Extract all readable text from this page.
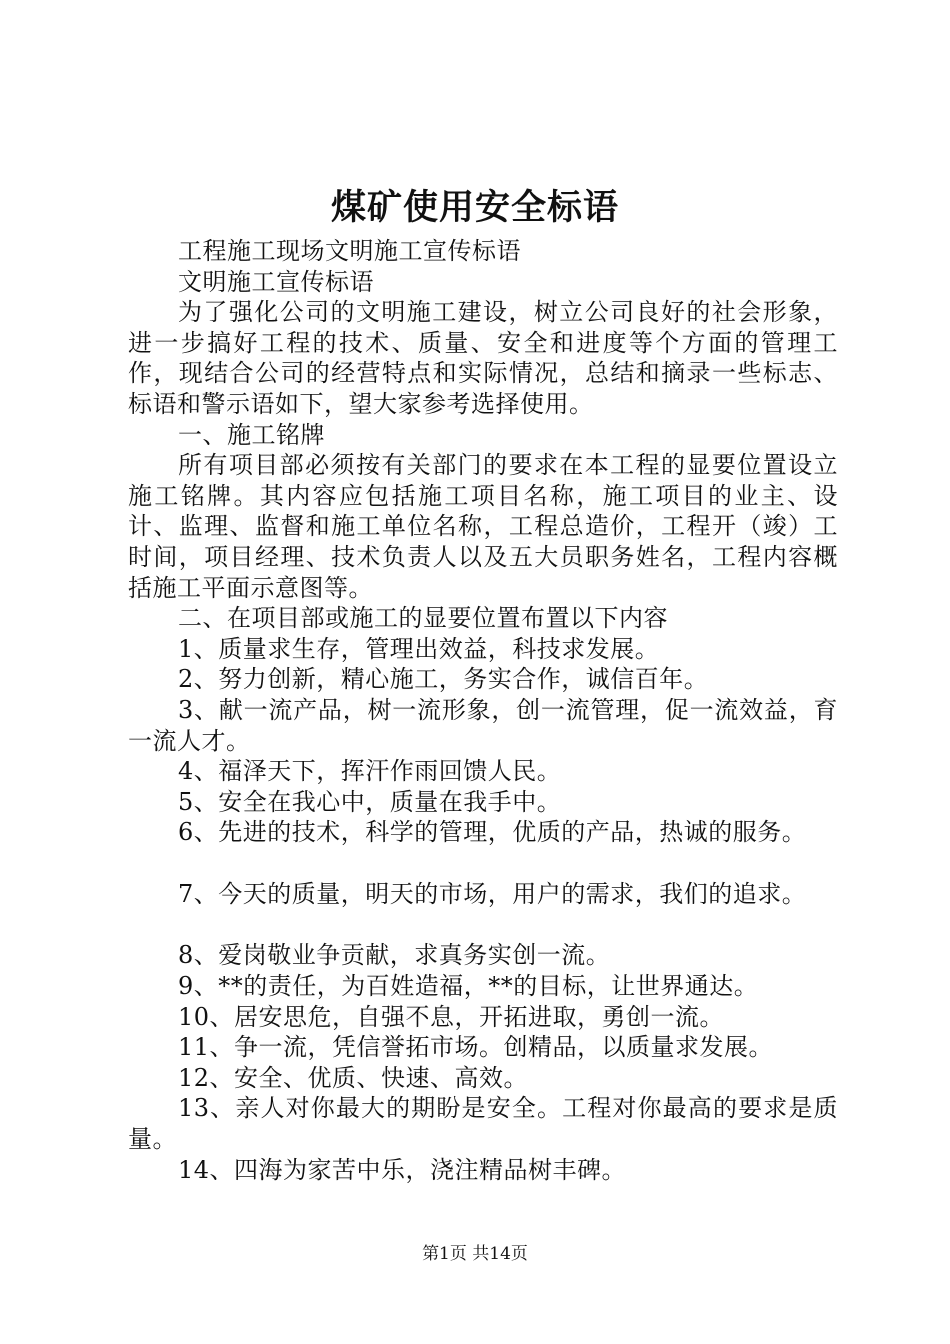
煤矿使用安全标语

工程施工现场文明施工宣传标语

文明施工宣传标语

为了强化公司的文明施工建设，树立公司良好的社会形象，进一步搞好工程的技术、质量、安全和进度等个方面的管理工作，现结合公司的经营特点和实际情况，总结和摘录一些标志、标语和警示语如下，望大家参考选择使用。

一、施工铭牌

所有项目部必须按有关部门的要求在本工程的显要位置设立施工铭牌。其内容应包括施工项目名称，施工项目的业主、设计、监理、监督和施工单位名称，工程总造价，工程开（竣）工时间，项目经理、技术负责人以及五大员职务姓名，工程内容概括施工平面示意图等。

二、在项目部或施工的显要位置布置以下内容

1、质量求生存，管理出效益，科技求发展。

2、努力创新，精心施工，务实合作，诚信百年。

3、献一流产品，树一流形象，创一流管理，促一流效益，育一流人才。

4、福泽天下，挥汗作雨回馈人民。

5、安全在我心中，质量在我手中。

6、先进的技术，科学的管理，优质的产品，热诚的服务。

7、今天的质量，明天的市场，用户的需求，我们的追求。

8、爱岗敬业争贡献，求真务实创一流。

9、**的责任，为百姓造福，**的目标，让世界通达。

10、居安思危，自强不息，开拓进取，勇创一流。

11、争一流，凭信誉拓市场。创精品，以质量求发展。

12、安全、优质、快速、高效。

13、亲人对你最大的期盼是安全。工程对你最高的要求是质量。

14、四海为家苦中乐，浇注精品树丰碑。

第1页 共14页
